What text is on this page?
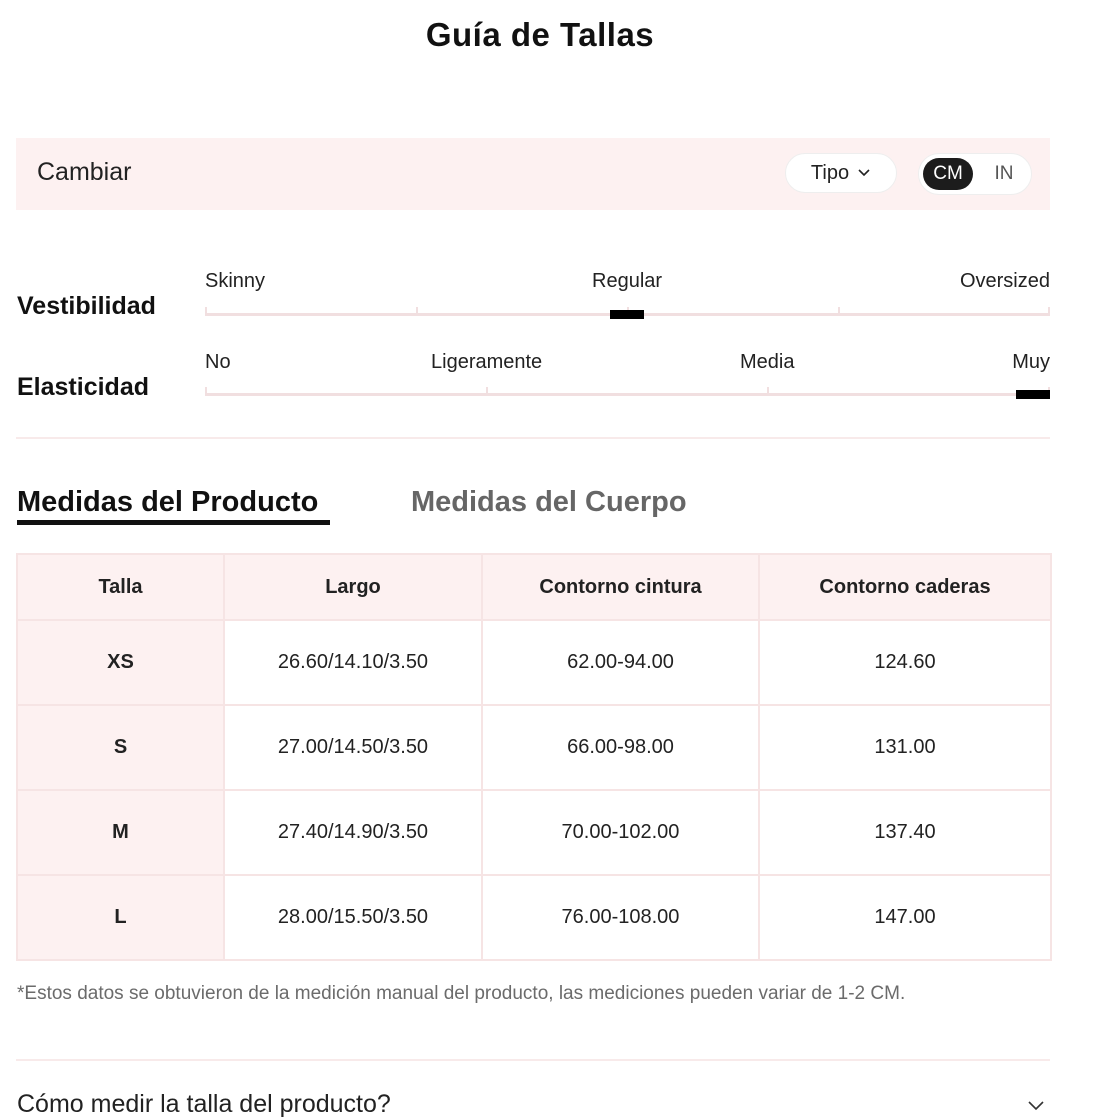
Guía de Tallas
Cambiar	Tipo	CM	IN
Vestibilidad
Skinny	Regular	Oversized
Elasticidad
No	Ligeramente	Media	Muy
Medidas del Producto	Medidas del Cuerpo
Talla	Largo	Contorno cintura	Contorno caderas
XS	26.60/14.10/3.50	62.00-94.00	124.60
S	27.00/14.50/3.50	66.00-98.00	131.00
M	27.40/14.90/3.50	70.00-102.00	137.40
L	28.00/15.50/3.50	76.00-108.00	147.00
*Estos datos se obtuvieron de la medición manual del producto, las mediciones pueden variar de 1-2 CM.
Cómo medir la talla del producto?
